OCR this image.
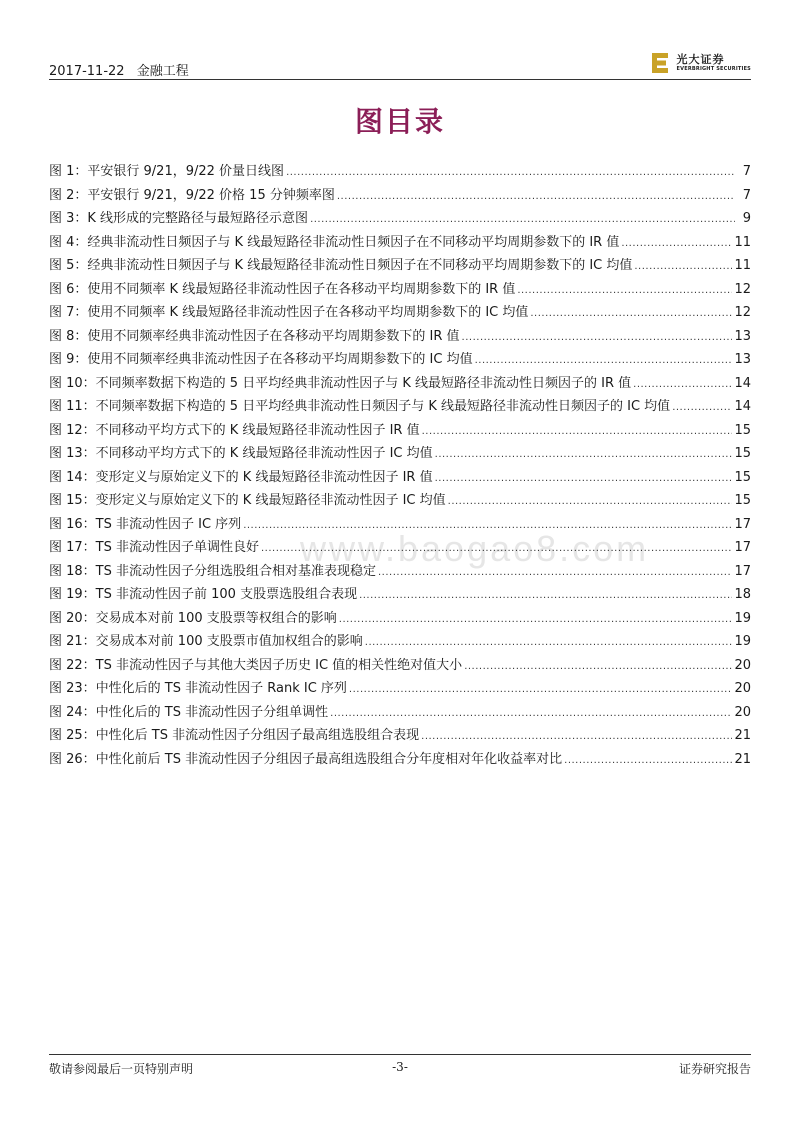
2017-11-22 金融工程
光大证券
EVERBRIGHT SECURITIES
图目录
www.baogao8.com
图 1：平安银行 9/21，9/22 价量日线图 .....	7
图 2：平安银行 9/21，9/22 价格 15 分钟频率图 .....	7
图 3：K 线形成的完整路径与最短路径示意图 .....	9
图 4：经典非流动性日频因子与 K 线最短路径非流动性日频因子在不同移动平均周期参数下的 IR 值 .....	11
图 5：经典非流动性日频因子与 K 线最短路径非流动性日频因子在不同移动平均周期参数下的 IC 均值 .....	11
图 6：使用不同频率 K 线最短路径非流动性因子在各移动平均周期参数下的 IR 值 .....	12
图 7：使用不同频率 K 线最短路径非流动性因子在各移动平均周期参数下的 IC 均值 .....	12
图 8：使用不同频率经典非流动性因子在各移动平均周期参数下的 IR 值 .....	13
图 9：使用不同频率经典非流动性因子在各移动平均周期参数下的 IC 均值 .....	13
图 10：不同频率数据下构造的 5 日平均经典非流动性因子与 K 线最短路径非流动性日频因子的 IR 值 .....	14
图 11：不同频率数据下构造的 5 日平均经典非流动性日频因子与 K 线最短路径非流动性日频因子的 IC 均值 .....	14
图 12：不同移动平均方式下的 K 线最短路径非流动性因子 IR 值 .....	15
图 13：不同移动平均方式下的 K 线最短路径非流动性因子 IC 均值 .....	15
图 14：变形定义与原始定义下的 K 线最短路径非流动性因子 IR 值 .....	15
图 15：变形定义与原始定义下的 K 线最短路径非流动性因子 IC 均值 .....	15
图 16：TS 非流动性因子 IC 序列 .....	17
图 17：TS 非流动性因子单调性良好 .....	17
图 18：TS 非流动性因子分组选股组合相对基准表现稳定 .....	17
图 19：TS 非流动性因子前 100 支股票选股组合表现 .....	18
图 20：交易成本对前 100 支股票等权组合的影响 .....	19
图 21：交易成本对前 100 支股票市值加权组合的影响 .....	19
图 22：TS 非流动性因子与其他大类因子历史 IC 值的相关性绝对值大小 .....	20
图 23：中性化后的 TS 非流动性因子 Rank IC 序列 .....	20
图 24：中性化后的 TS 非流动性因子分组单调性 .....	20
图 25：中性化后 TS 非流动性因子分组因子最高组选股组合表现 .....	21
图 26：中性化前后 TS 非流动性因子分组因子最高组选股组合分年度相对年化收益率对比 .....	21
敬请参阅最后一页特别声明	-3-	证券研究报告
